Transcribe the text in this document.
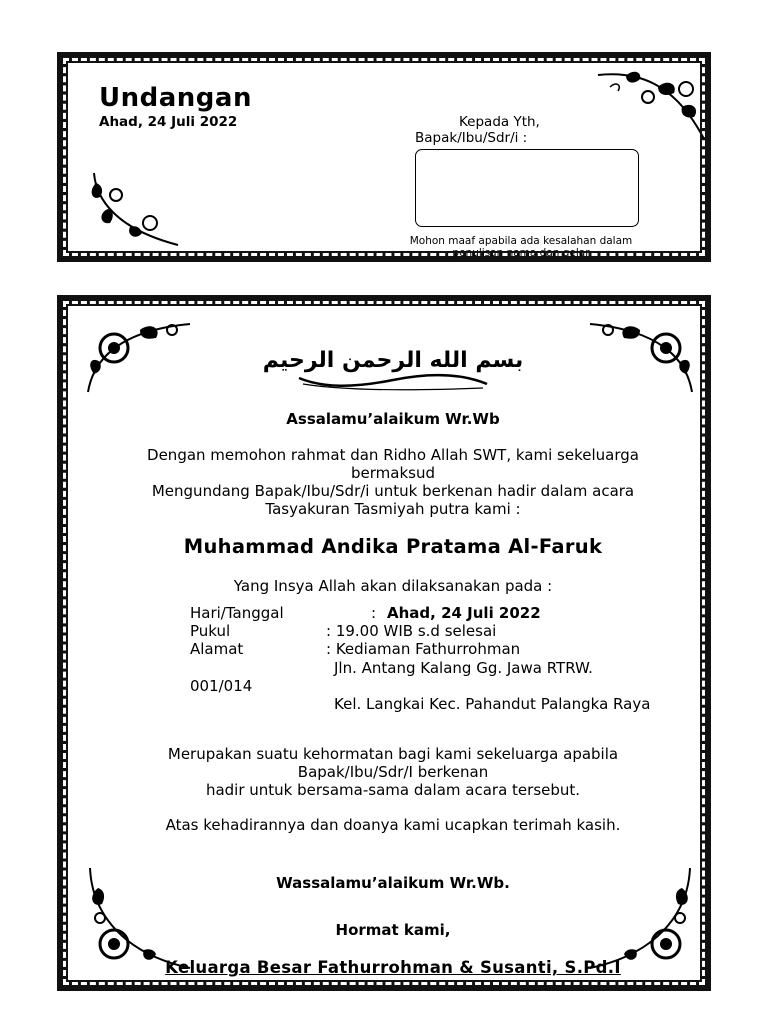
Undangan
Ahad, 24 Juli 2022	Kepada Yth,
Bapak/Ibu/Sdr/i :
Mohon maaf apabila ada kesalahan dalam penulisan nama dan gelar
بسم الله الرحمن الرحيم
Assalamu’alaikum Wr.Wb
Dengan memohon rahmat dan Ridho Allah SWT, kami sekeluarga
bermaksud
Mengundang Bapak/Ibu/Sdr/i untuk berkenan hadir dalam acara
Tasyakuran Tasmiyah putra kami :
Muhammad Andika Pratama Al-Faruk
Yang Insya Allah akan dilaksanakan pada :
Hari/Tanggal	: Ahad, 24 Juli 2022
Pukul	: 19.00 WIB s.d selesai
Alamat	: Kediaman Fathurrohman
Jln. Antang Kalang Gg. Jawa RTRW.
001/014
Kel. Langkai Kec. Pahandut Palangka Raya
Merupakan suatu kehormatan bagi kami sekeluarga apabila
Bapak/Ibu/Sdr/I berkenan
hadir untuk bersama-sama dalam acara tersebut.
Atas kehadirannya dan doanya kami ucapkan terimah kasih.
Wassalamu’alaikum Wr.Wb.
Hormat kami,
Keluarga Besar Fathurrohman & Susanti, S.Pd.I
